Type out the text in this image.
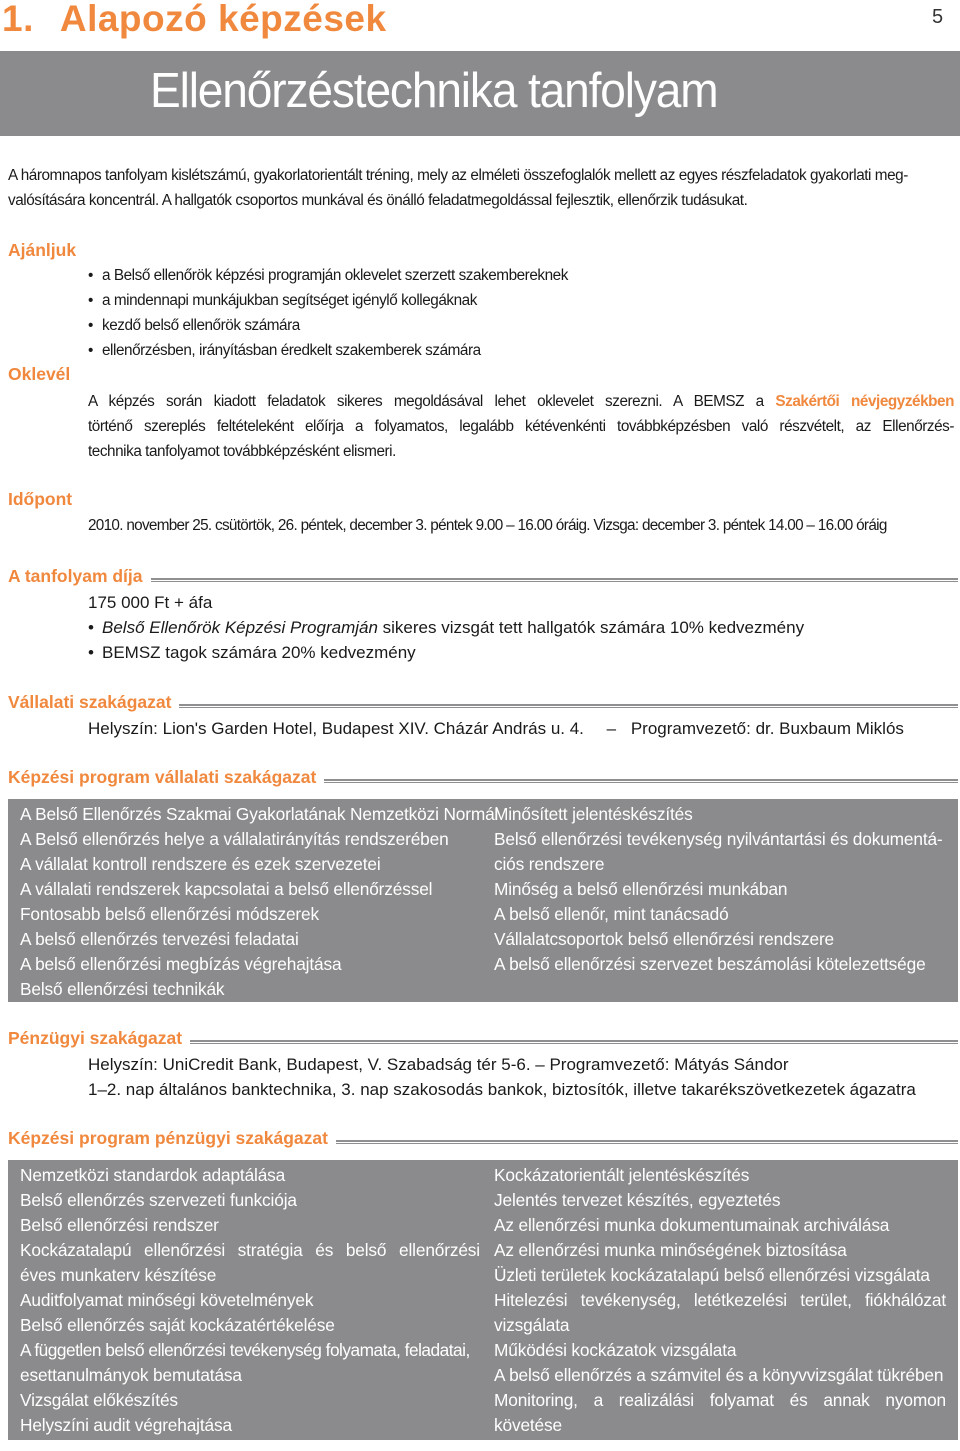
1. Alapozó képzések	5
Ellenőrzéstechnika tanfolyam

A háromnapos tanfolyam kislétszámú, gyakorlatorientált tréning, mely az elméleti összefoglalók mellett az egyes részfeladatok gyakorlati meg-

valósítására koncentrál. A hallgatók csoportos munkával és önálló feladatmegoldással fejlesztik, ellenőrzik tudásukat.

Ajánljuk
• a Belső ellenőrök képzési programján oklevelet szerzett szakembereknek
• a mindennapi munkájukban segítséget igénylő kollegáknak
• kezdő belső ellenőrök számára
• ellenőrzésben, irányításban éredkelt szakemberek számára
Oklevél

A képzés során kiadott feladatok sikeres megoldásával lehet oklevelet szerezni. A BEMSZ a Szakértői névjegyzékben

történő szereplés feltételeként előírja a folyamatos, legalább kétévenkénti továbbképzésben való részvételt, az Ellenőrzés-

technika tanfolyamot továbbképzésként elismeri.

Időpont
2010. november 25. csütörtök, 26. péntek, december 3. péntek 9.00 – 16.00 óráig. Vizsga: december 3. péntek 14.00 – 16.00 óráig
A tanfolyam díja
175 000 Ft + áfa
• Belső Ellenőrök Képzési Programján sikeres vizsgát tett hallgatók számára 10% kedvezmény
• BEMSZ tagok számára 20% kedvezmény
Vállalati szakágazat
Helyszín: Lion's Garden Hotel, Budapest XIV. Cházár András u. 4. – Programvezető: dr. Buxbaum Miklós
Képzési program vállalati szakágazat
A Belső Ellenőrzés Szakmai Gyakorlatának Nemzetközi Normái
A Belső ellenőrzés helye a vállalatirányítás rendszerében
A vállalat kontroll rendszere és ezek szervezetei
A vállalati rendszerek kapcsolatai a belső ellenőrzéssel
Fontosabb belső ellenőrzési módszerek
A belső ellenőrzés tervezési feladatai
A belső ellenőrzési megbízás végrehajtása
Belső ellenőrzési technikák
Minősített jelentéskészítés
Belső ellenőrzési tevékenység nyilvántartási és dokumentá-
ciós rendszere
Minőség a belső ellenőrzési munkában
A belső ellenőr, mint tanácsadó
Vállalatcsoportok belső ellenőrzési rendszere
A belső ellenőrzési szervezet beszámolási kötelezettsége
Pénzügyi szakágazat
Helyszín: UniCredit Bank, Budapest, V. Szabadság tér 5-6. – Programvezető: Mátyás Sándor
1–2. nap általános banktechnika, 3. nap szakosodás bankok, biztosítók, illetve takarékszövetkezetek ágazatra
Képzési program pénzügyi szakágazat
Nemzetközi standardok adaptálása
Belső ellenőrzés szervezeti funkciója
Belső ellenőrzési rendszer
Kockázatalapú ellenőrzési stratégia és belső ellenőrzési
éves munkaterv készítése
Auditfolyamat minőségi követelmények
Belső ellenőrzés saját kockázatértékelése
A független belső ellenőrzési tevékenység folyamata, feladatai,
esettanulmányok bemutatása
Vizsgálat előkészítés
Helyszíni audit végrehajtása
Kockázatorientált jelentéskészítés
Jelentés tervezet készítés, egyeztetés
Az ellenőrzési munka dokumentumainak archiválása
Az ellenőrzési munka minőségének biztosítása
Üzleti területek kockázatalapú belső ellenőrzési vizsgálata
Hitelezési tevékenység, letétkezelési terület, fiókhálózat
vizsgálata
Működési kockázatok vizsgálata
A belső ellenőrzés a számvitel és a könyvvizsgálat tükrében
Monitoring, a realizálási folyamat és annak nyomon
követése
